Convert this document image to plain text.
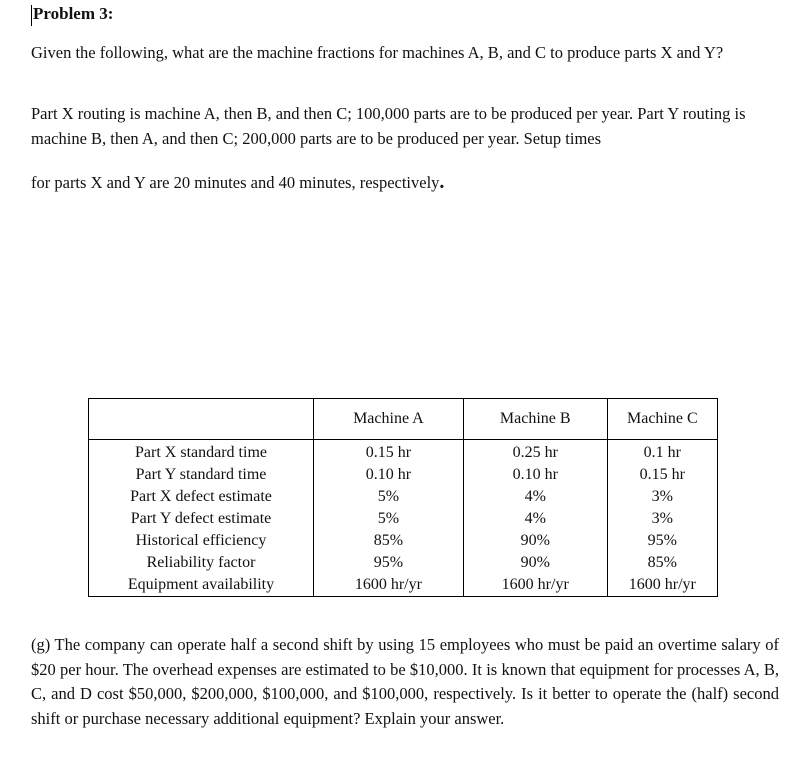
Problem 3:

Given the following, what are the machine fractions for machines A, B, and C to produce parts X and Y?

Part X routing is machine A, then B, and then C; 100,000 parts are to be produced per year. Part Y routing is machine B, then A, and then C; 200,000 parts are to be produced per year. Setup times

for parts X and Y are 20 minutes and 40 minutes, respectively.

	Machine A	Machine B	Machine C
Part X standard time	0.15 hr	0.25 hr	0.1 hr
Part Y standard time	0.10 hr	0.10 hr	0.15 hr
Part X defect estimate	5%	4%	3%
Part Y defect estimate	5%	4%	3%
Historical efficiency	85%	90%	95%
Reliability factor	95%	90%	85%
Equipment availability	1600 hr/yr	1600 hr/yr	1600 hr/yr

(g) The company can operate half a second shift by using 15 employees who must be paid an overtime salary of $20 per hour. The overhead expenses are estimated to be $10,000. It is known that equipment for processes A, B, C, and D cost $50,000, $200,000, $100,000, and $100,000, respectively. Is it better to operate the (half) second shift or purchase necessary additional equipment? Explain your answer.
